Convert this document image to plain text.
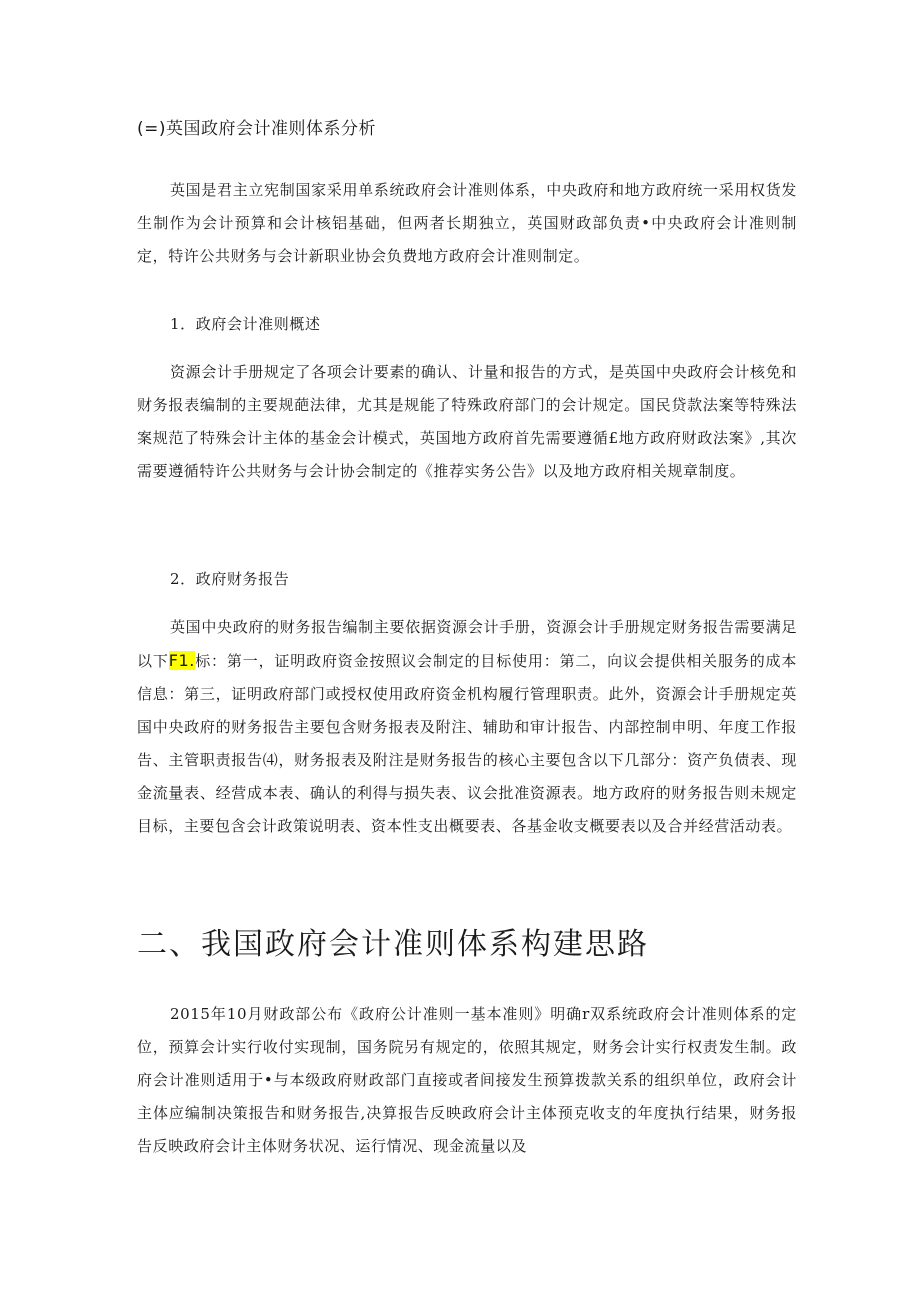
(=)英国政府会计准则体系分析
英国是君主立宪制国家采用单系统政府会计准则体系，中央政府和地方政府统一采用权货发生制作为会计预算和会计核铝基础，但两者长期独立，英国财政部负责•中央政府会计准则制定，特许公共财务与会计新职业协会负费地方政府会计准则制定。
1．政府会计准则概述
资源会计手册规定了各项会计要素的确认、计量和报告的方式，是英国中央政府会计核免和财务报表编制的主要规葩法律，尤其是规能了特殊政府部门的会计规定。国民贷款法案等特殊法案规范了特殊会计主体的基金会计模式，英国地方政府首先需要遵循£地方政府财政法案》,其次需要遵循特许公共财务与会计协会制定的《推荐实务公告》以及地方政府相关规章制度。
2．政府财务报告
英国中央政府的财务报告编制主要依据资源会计手册，资源会计手册规定财务报告需要满足以下F1.标：第一，证明政府资金按照议会制定的目标使用：第二，向议会提供相关服务的成本信息：第三，证明政府部门或授权使用政府资金机构履行管理职责。此外，资源会计手册规定英国中央政府的财务报告主要包含财务报表及附注、辅助和审计报告、内部控制申明、年度工作报告、主管职责报告⑷，财务报表及附注是财务报告的核心主要包含以下几部分：资产负债表、现金流量表、经营成本表、确认的利得与损失表、议会批准资源表。地方政府的财务报告则未规定目标，主要包含会计政策说明表、资本性支出概要表、各基金收支概要表以及合并经营活动表。
二、我国政府会计准则体系构建思路
2015年10月财政部公布《政府公计准则一基本准则》明确r双系统政府会计准则体系的定位，预算会计实行收付实现制，国务院另有规定的，依照其规定，财务会计实行权责发生制。政府会计准则适用于•与本级政府财政部门直接或者间接发生预算拨款关系的组织单位，政府会计主体应编制决策报告和财务报告,决算报告反映政府会计主体预克收支的年度执行结果，财务报告反映政府会计主体财务状况、运行情况、现金流量以及
